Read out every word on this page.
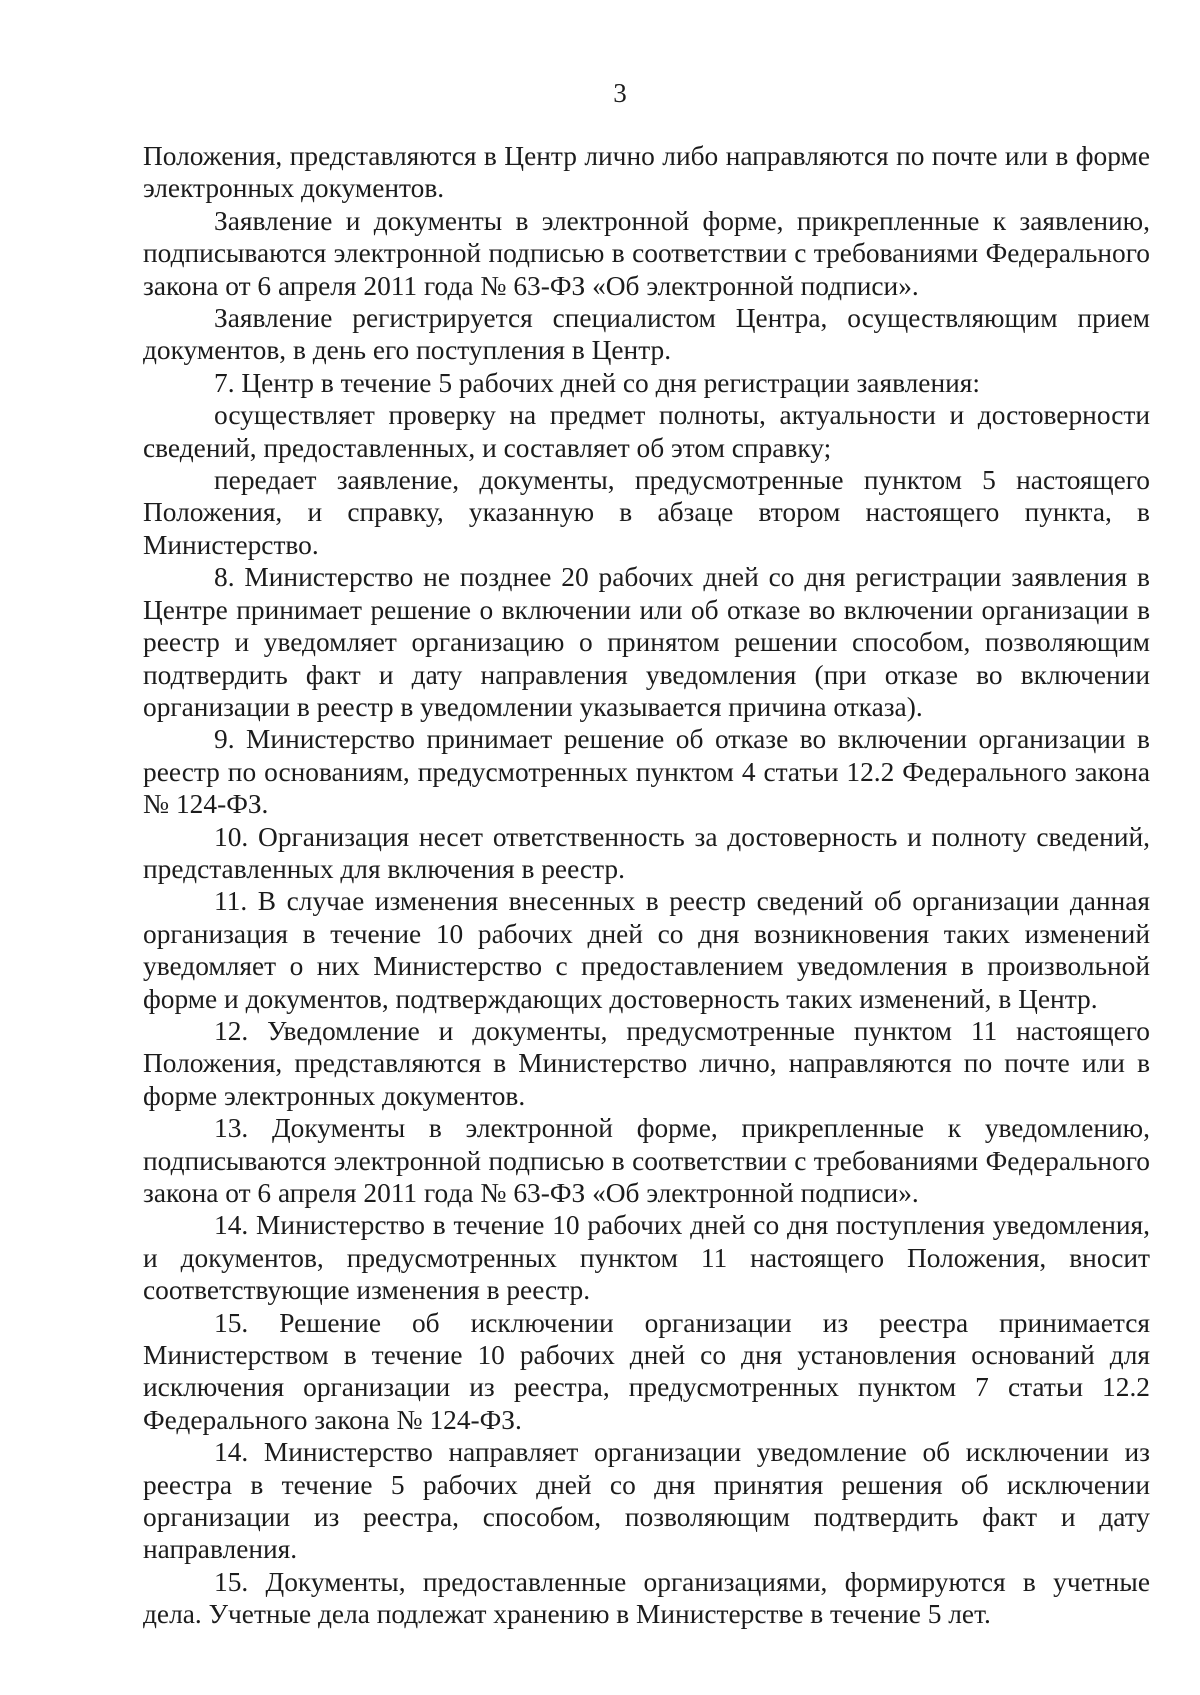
3

Положения, представляются в Центр лично либо направляются по почте или в форме электронных документов.

Заявление и документы в электронной форме, прикрепленные к заявлению, подписываются электронной подписью в соответствии с требованиями Федерального закона от 6 апреля 2011 года № 63-ФЗ «Об электронной подписи».

Заявление регистрируется специалистом Центра, осуществляющим прием документов, в день его поступления в Центр.

7. Центр в течение 5 рабочих дней со дня регистрации заявления:

осуществляет проверку на предмет полноты, актуальности и достоверности сведений, предоставленных, и составляет об этом справку;

передает заявление, документы, предусмотренные пунктом 5 настоящего Положения, и справку, указанную в абзаце втором настоящего пункта, в Министерство.

8. Министерство не позднее 20 рабочих дней со дня регистрации заявления в Центре принимает решение о включении или об отказе во включении организации в реестр и уведомляет организацию о принятом решении способом, позволяющим подтвердить факт и дату направления уведомления (при отказе во включении организации в реестр в уведомлении указывается причина отказа).

9. Министерство принимает решение об отказе во включении организации в реестр по основаниям, предусмотренных пунктом 4 статьи 12.2 Федерального закона № 124-ФЗ.

10. Организация несет ответственность за достоверность и полноту сведений, представленных для включения в реестр.

11. В случае изменения внесенных в реестр сведений об организации данная организация в течение 10 рабочих дней со дня возникновения таких изменений уведомляет о них Министерство с предоставлением уведомления в произвольной форме и документов, подтверждающих достоверность таких изменений, в Центр.

12. Уведомление и документы, предусмотренные пунктом 11 настоящего Положения, представляются в Министерство лично, направляются по почте или в форме электронных документов.

13. Документы в электронной форме, прикрепленные к уведомлению, подписываются электронной подписью в соответствии с требованиями Федерального закона от 6 апреля 2011 года № 63-ФЗ «Об электронной подписи».

14. Министерство в течение 10 рабочих дней со дня поступления уведомления, и документов, предусмотренных пунктом 11 настоящего Положения, вносит соответствующие изменения в реестр.

15. Решение об исключении организации из реестра принимается Министерством в течение 10 рабочих дней со дня установления оснований для исключения организации из реестра, предусмотренных пунктом 7 статьи 12.2 Федерального закона № 124-ФЗ.

14. Министерство направляет организации уведомление об исключении из реестра в течение 5 рабочих дней со дня принятия решения об исключении организации из реестра, способом, позволяющим подтвердить факт и дату направления.

15. Документы, предоставленные организациями, формируются в учетные дела. Учетные дела подлежат хранению в Министерстве в течение 5 лет.
